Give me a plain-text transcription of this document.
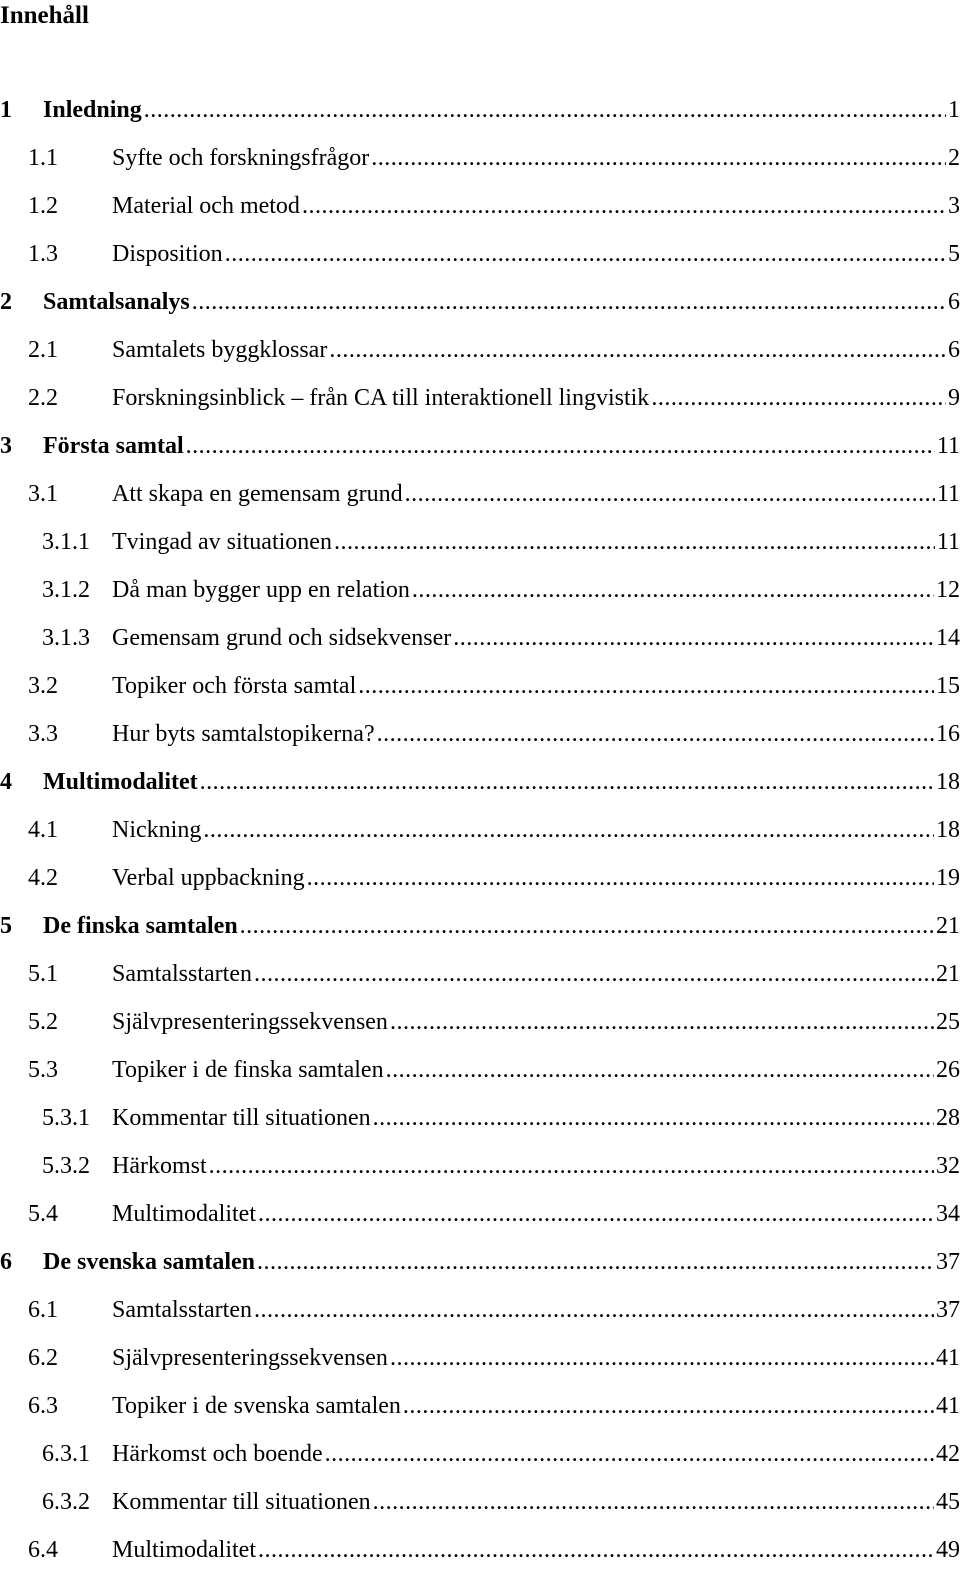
Innehåll
1 Inledning .....	1
1.1 Syfte och forskningsfrågor .....	2
1.2 Material och metod .....	3
1.3 Disposition .....	5
2 Samtalsanalys .....	6
2.1 Samtalets byggklossar .....	6
2.2 Forskningsinblick – från CA till interaktionell lingvistik .....	9
3 Första samtal .....	11
3.1 Att skapa en gemensam grund .....	11
3.1.1 Tvingad av situationen .....	11
3.1.2 Då man bygger upp en relation .....	12
3.1.3 Gemensam grund och sidsekvenser .....	14
3.2 Topiker och första samtal .....	15
3.3 Hur byts samtalstopikerna? .....	16
4 Multimodalitet .....	18
4.1 Nickning .....	18
4.2 Verbal uppbackning .....	19
5 De finska samtalen .....	21
5.1 Samtalsstarten .....	21
5.2 Självpresenteringssekvensen .....	25
5.3 Topiker i de finska samtalen .....	26
5.3.1 Kommentar till situationen .....	28
5.3.2 Härkomst .....	32
5.4 Multimodalitet .....	34
6 De svenska samtalen .....	37
6.1 Samtalsstarten .....	37
6.2 Självpresenteringssekvensen .....	41
6.3 Topiker i de svenska samtalen .....	41
6.3.1 Härkomst och boende .....	42
6.3.2 Kommentar till situationen .....	45
6.4 Multimodalitet .....	49
